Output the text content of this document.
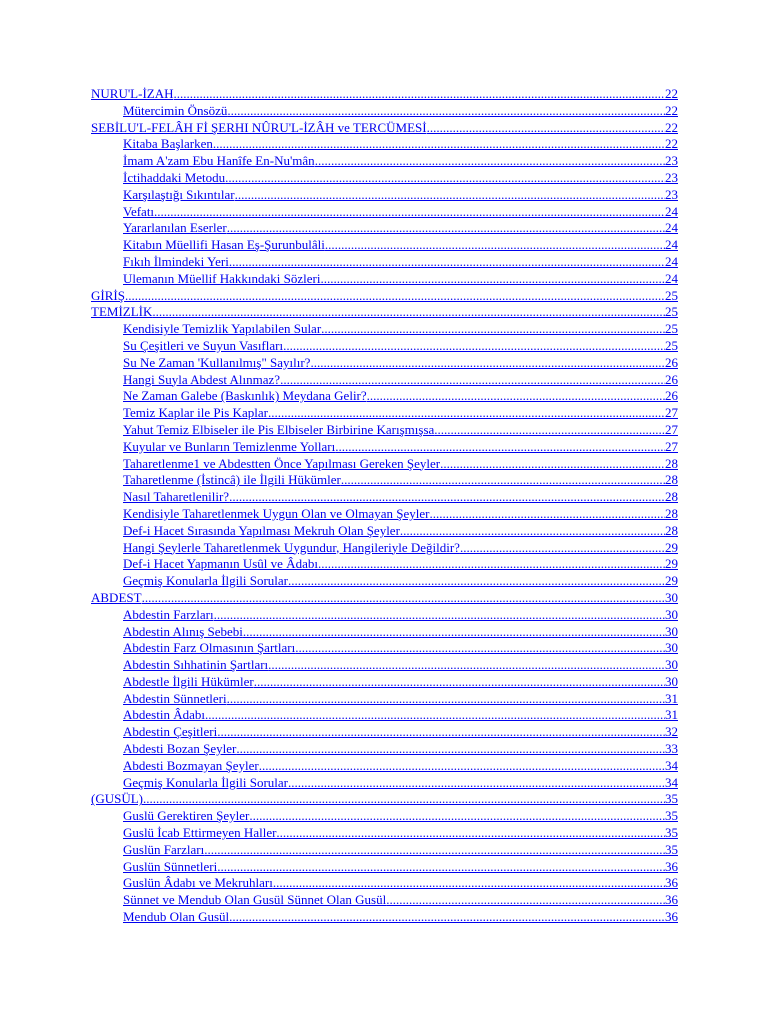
NURU'L-İZAH .....	22
Mütercimin Önsözü .....	22
SEBİLU'L-FELÂH Fİ ŞERHI NÛRU'L-İZÂH ve TERCÜMESİ .....	22
Kitaba Başlarken .....	22
İmam A'zam Ebu Hanîfe En-Nu'mân .....	23
İctihaddaki Metodu .....	23
Karşılaştığı Sıkıntılar .....	23
Vefatı .....	24
Yararlanılan Eserler .....	24
Kitabın Müellifi Hasan Eş-Şurunbulâli .....	24
Fıkıh İlmindeki Yeri .....	24
Ulemanın Müellif Hakkındaki Sözleri .....	24
GİRİŞ .....	25
TEMİZLİK .....	25
Kendisiyle Temizlik Yapılabilen Sular .....	25
Su Çeşitleri ve Suyun Vasıfları .....	25
Su Ne Zaman 'Kullanılmış" Sayılır? .....	26
Hangi Suyla Abdest Alınmaz? .....	26
Ne Zaman Galebe (Baskınlık) Meydana Gelir? .....	26
Temiz Kaplar ile Pis Kaplar .....	27
Yahut Temiz Elbiseler ile Pis Elbiseler Birbirine Karışmışsa .....	27
Kuyular ve Bunların Temizlenme Yolları .....	27
Taharetlenme1 ve Abdestten Önce Yapılması Gereken Şeyler .....	28
Taharetlenme (İstincâ) ile İlgili Hükümler .....	28
Nasıl Taharetlenilir? .....	28
Kendisiyle Taharetlenmek Uygun Olan ve Olmayan Şeyler .....	28
Def-i Hacet Sırasında Yapılması Mekruh Olan Şeyler .....	28
Hangi Şeylerle Taharetlenmek Uygundur, Hangileriyle Değildir? .....	29
Def-i Hacet Yapmanın Usûl ve Âdabı .....	29
Geçmiş Konularla İlgili Sorular .....	29
ABDEST .....	30
Abdestin Farzları .....	30
Abdestin Alınış Sebebi .....	30
Abdestin Farz Olmasının Şartları .....	30
Abdestin Sıhhatinin Şartları .....	30
Abdestle İlgili Hükümler .....	30
Abdestin Sünnetleri .....	31
Abdestin Âdabı .....	31
Abdestin Çeşitleri .....	32
Abdesti Bozan Şeyler .....	33
Abdesti Bozmayan Şeyler .....	34
Geçmiş Konularla İlgili Sorular .....	34
(GUSÜL) .....	35
Guslü Gerektiren Şeyler .....	35
Guslü İcab Ettirmeyen Haller .....	35
Guslün Farzları .....	35
Guslün Sünnetleri .....	36
Guslün Âdabı ve Mekruhları .....	36
Sünnet ve Mendub Olan Gusül Sünnet Olan Gusül .....	36
Mendub Olan Gusül .....	36
